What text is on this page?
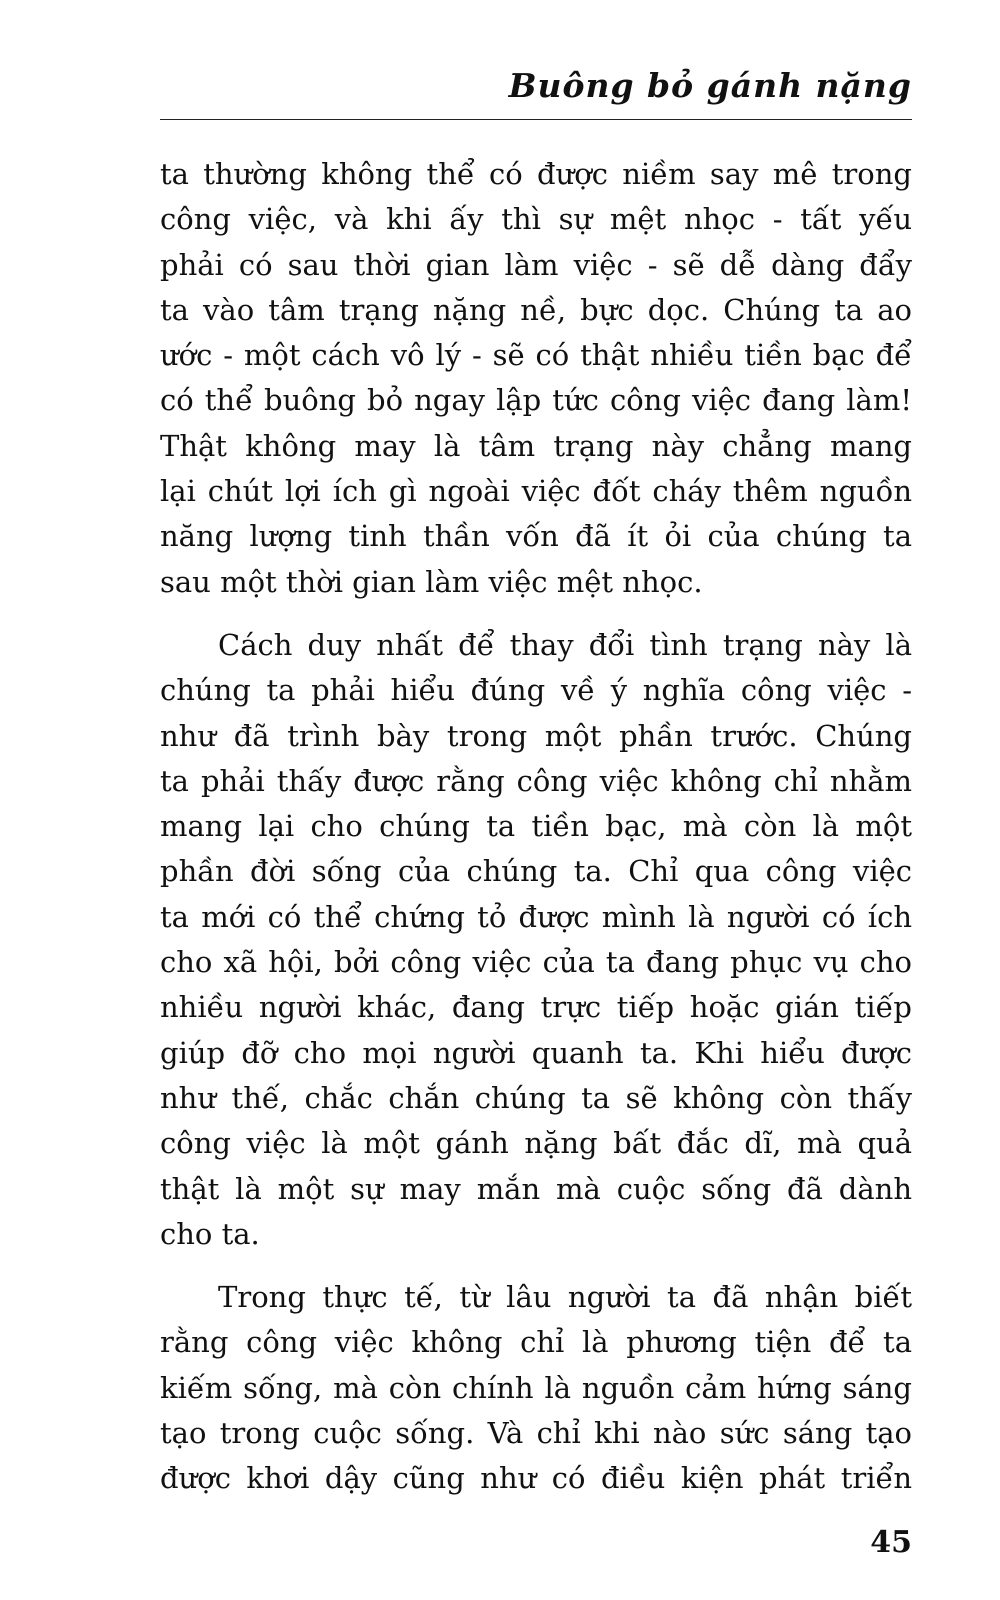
Buông bỏ gánh nặng
ta thường không thể có được niềm say mê trong
công việc, và khi ấy thì sự mệt nhọc - tất yếu
phải có sau thời gian làm việc - sẽ dễ dàng đẩy
ta vào tâm trạng nặng nề, bực dọc. Chúng ta ao
ước - một cách vô lý - sẽ có thật nhiều tiền bạc để
có thể buông bỏ ngay lập tức công việc đang làm!
Thật không may là tâm trạng này chẳng mang
lại chút lợi ích gì ngoài việc đốt cháy thêm nguồn
năng lượng tinh thần vốn đã ít ỏi của chúng ta
sau một thời gian làm việc mệt nhọc.
Cách duy nhất để thay đổi tình trạng này là
chúng ta phải hiểu đúng về ý nghĩa công việc -
như đã trình bày trong một phần trước. Chúng
ta phải thấy được rằng công việc không chỉ nhằm
mang lại cho chúng ta tiền bạc, mà còn là một
phần đời sống của chúng ta. Chỉ qua công việc
ta mới có thể chứng tỏ được mình là người có ích
cho xã hội, bởi công việc của ta đang phục vụ cho
nhiều người khác, đang trực tiếp hoặc gián tiếp
giúp đỡ cho mọi người quanh ta. Khi hiểu được
như thế, chắc chắn chúng ta sẽ không còn thấy
công việc là một gánh nặng bất đắc dĩ, mà quả
thật là một sự may mắn mà cuộc sống đã dành
cho ta.
Trong thực tế, từ lâu người ta đã nhận biết
rằng công việc không chỉ là phương tiện để ta
kiếm sống, mà còn chính là nguồn cảm hứng sáng
tạo trong cuộc sống. Và chỉ khi nào sức sáng tạo
được khơi dậy cũng như có điều kiện phát triển
45
